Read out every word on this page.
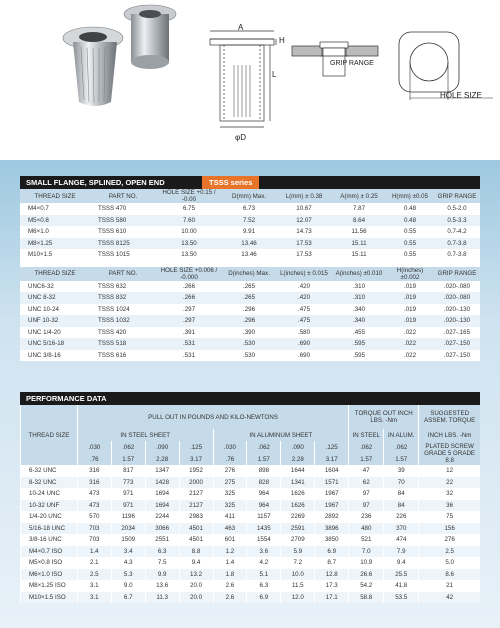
A
H
L
φD
GRIP RANGE
HOLE SIZE
SMALL FLANGE, SPLINED, OPEN END	TSSS series
THREAD SIZE	PART NO.	HOLE SIZE +0.15 / -0.00	D(mm) Max.	L(mm) ± 0.38	A(mm) ± 0.25	H(mm) ±0.05	GRIP RANGE
M4×0.7	TSSS 470	6.75	6.73	10.67	7.87	0.48	0.5-2.0
M5×0.8	TSSS 580	7.60	7.52	12.07	8.64	0.48	0.5-3.3
M6×1.0	TSSS 610	10.00	9.91	14.73	11.56	0.55	0.7-4.2
M8×1.25	TSSS 8125	13.50	13.46	17.53	15.11	0.55	0.7-3.8
M10×1.5	TSSS 1015	13.50	13.46	17.53	15.11	0.55	0.7-3.8

THREAD SIZE	PART NO.	HOLE SIZE +0.006 / -0.000	D(inches) Max.	L(inches) ± 0.015	A(inches) ±0.010	H(inches) ±0.002	GRIP RANGE
UNC6-32	TSSS 632	.266	.265	.420	.310	.019	.020-.080
UNC 8-32	TSSS 832	.266	.265	.420	.310	.019	.020-.080
UNC 10-24	TSSS 1024	.297	.296	.475	.340	.019	.020-.130
UNF 10-32	TSSS 1032	.297	.296	.475	.340	.019	.020-.130
UNC 1/4-20	TSSS 420	.391	.390	.580	.455	.022	.027-.165
UNC 5/16-18	TSSS 518	.531	.530	.690	.595	.022	.027-.150
UNC 3/8-16	TSSS 616	.531	.530	.690	.595	.022	.027-.150
PERFORMANCE DATA
THREAD SIZE	PULL OUT IN POUNDS AND KILO-NEWTONS								TORQUE OUT INCH LBS. -Nm		SUGGESTED ASSEM. TORQUE
	IN STEEL SHEET				IN ALUMINUM SHEET				IN STEEL	IN ALUM.	INCH LBS. -Nm
	.030	.062	.090	.125	.030	.062	.090	.125	.062	.062	PLATED SCREW GRADE 5 GRADE 8.8
	.76	1.57	2.28	3.17	.76	1.57	2.28	3.17	1.57	1.57	
6-32 UNC	316	817	1347	1952	276	898	1644	1604	47	39	12
8-32 UNC	316	773	1428	2000	275	828	1341	1571	62	70	22
10-24 UNC	473	971	1694	2127	325	964	1626	1967	97	84	32
10-32 UNF	473	971	1694	2127	325	964	1626	1967	97	84	36
1/4-20 UNC	570	1196	2244	2983	411	1157	2269	2892	236	226	75
5/16-18 UNC	703	2034	3066	4501	463	1435	2591	3896	480	370	156
3/8-16 UNC	703	1509	2551	4501	601	1554	2709	3850	521	474	276
M4×0.7 ISO	1.4	3.4	6.3	8.8	1.2	3.6	5.9	6.9	7.0	7.9	2.5
M5×0.8 ISO	2.1	4.3	7.5	9.4	1.4	4.2	7.2	8.7	10.9	9.4	5.0
M6×1.0 ISO	2.5	5.3	9.9	13.2	1.8	5.1	10.0	12.8	26.6	25.5	8.6
M8×1.25 ISO	3.1	9.0	13.6	20.0	2.6	6.3	11.5	17.3	54.2	41.8	21
M10×1.5 ISO	3.1	6.7	11.3	20.0	2.6	6.9	12.0	17.1	58.8	53.5	42
